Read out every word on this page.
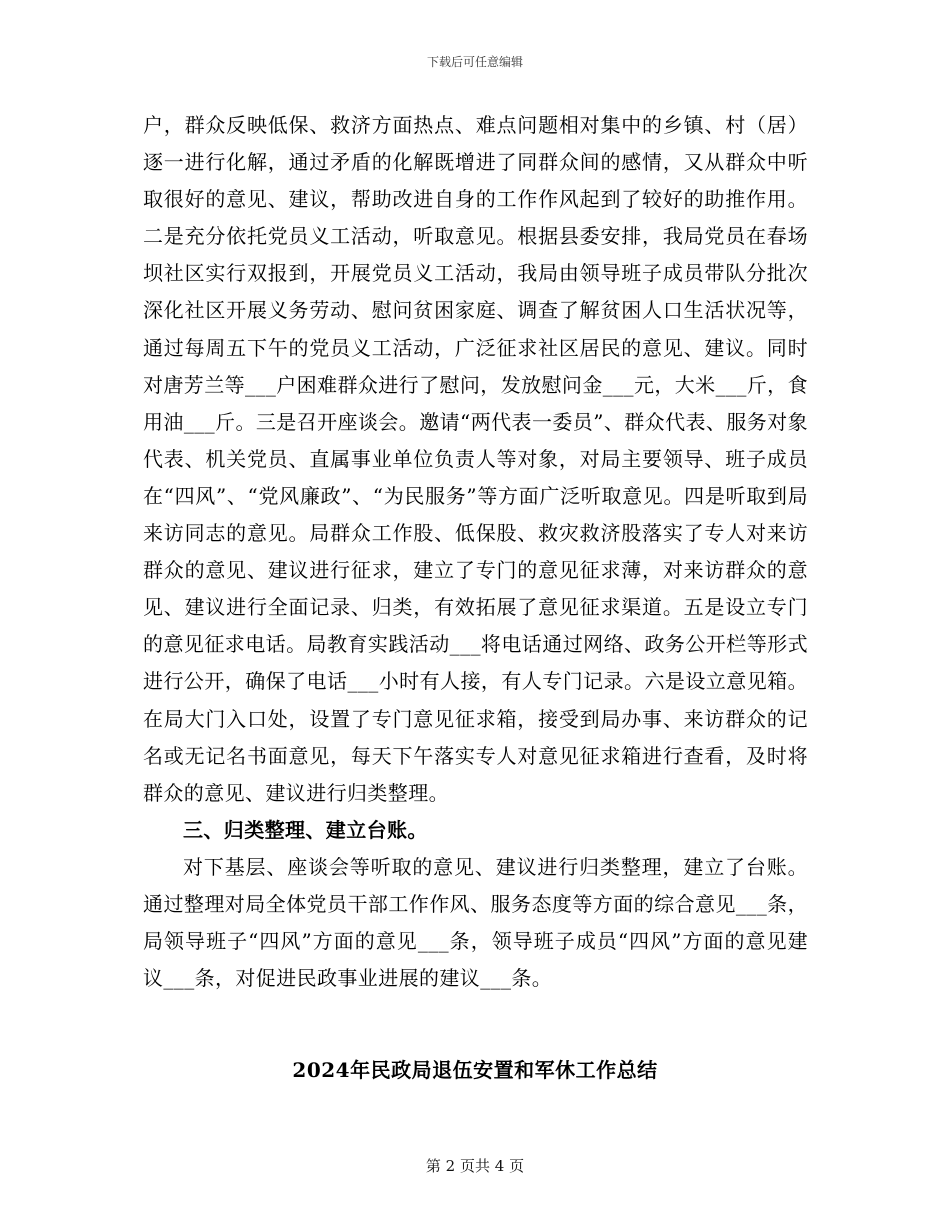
下载后可任意编辑

户，群众反映低保、救济方面热点、难点问题相对集中的乡镇、村（居）逐一进行化解，通过矛盾的化解既增进了同群众间的感情，又从群众中听取很好的意见、建议，帮助改进自身的工作作风起到了较好的助推作用。二是充分依托党员义工活动，听取意见。根据县委安排，我局党员在春场坝社区实行双报到，开展党员义工活动，我局由领导班子成员带队分批次深化社区开展义务劳动、慰问贫困家庭、调查了解贫困人口生活状况等，通过每周五下午的党员义工活动，广泛征求社区居民的意见、建议。同时对唐芳兰等___户困难群众进行了慰问，发放慰问金___元，大米___斤，食用油___斤。三是召开座谈会。邀请“两代表一委员”、群众代表、服务对象代表、机关党员、直属事业单位负责人等对象，对局主要领导、班子成员在“四风”、“党风廉政”、“为民服务”等方面广泛听取意见。四是听取到局来访同志的意见。局群众工作股、低保股、救灾救济股落实了专人对来访群众的意见、建议进行征求，建立了专门的意见征求薄，对来访群众的意见、建议进行全面记录、归类，有效拓展了意见征求渠道。五是设立专门的意见征求电话。局教育实践活动___将电话通过网络、政务公开栏等形式进行公开，确保了电话___小时有人接，有人专门记录。六是设立意见箱。在局大门入口处，设置了专门意见征求箱，接受到局办事、来访群众的记名或无记名书面意见，每天下午落实专人对意见征求箱进行查看，及时将群众的意见、建议进行归类整理。

三、归类整理、建立台账。

对下基层、座谈会等听取的意见、建议进行归类整理，建立了台账。通过整理对局全体党员干部工作作风、服务态度等方面的综合意见___条，局领导班子“四风”方面的意见___条，领导班子成员“四风”方面的意见建议___条，对促进民政事业进展的建议___条。

2024年民政局退伍安置和军休工作总结
第 2 页共 4 页
